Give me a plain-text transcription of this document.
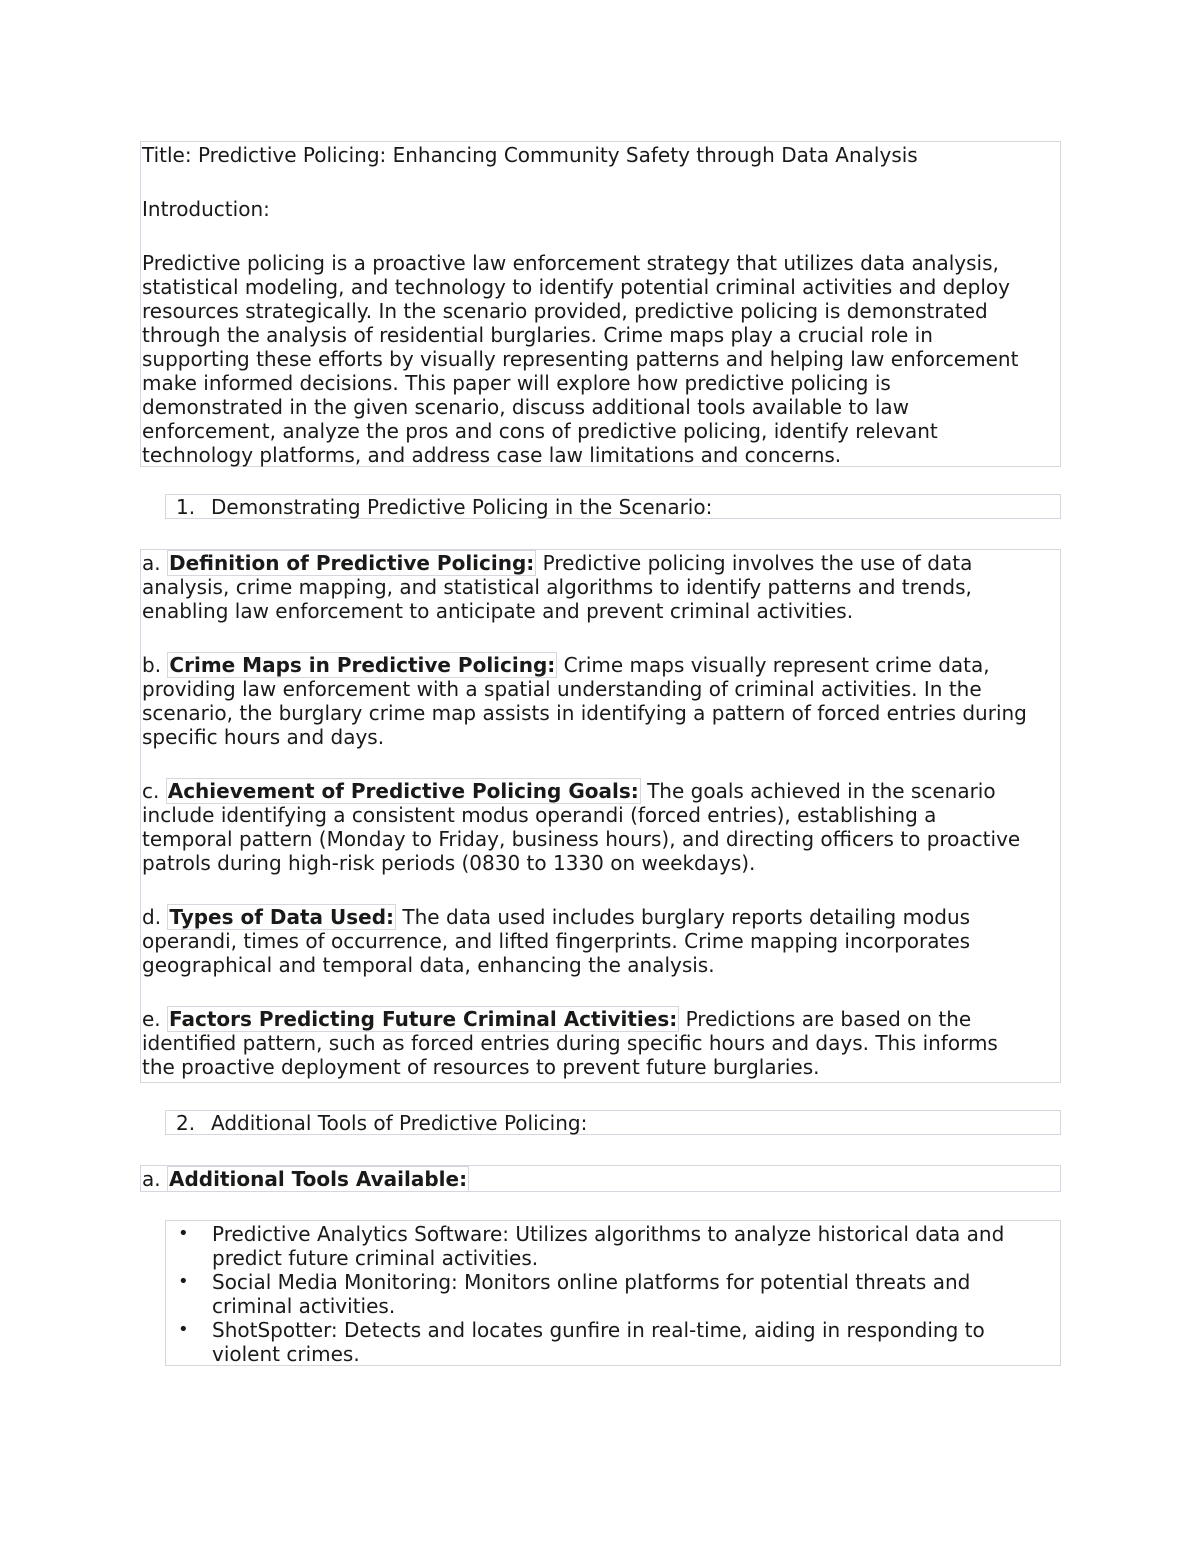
Title: Predictive Policing: Enhancing Community Safety through Data Analysis

Introduction:

Predictive policing is a proactive law enforcement strategy that utilizes data analysis,
statistical modeling, and technology to identify potential criminal activities and deploy
resources strategically. In the scenario provided, predictive policing is demonstrated
through the analysis of residential burglaries. Crime maps play a crucial role in
supporting these efforts by visually representing patterns and helping law enforcement
make informed decisions. This paper will explore how predictive policing is
demonstrated in the given scenario, discuss additional tools available to law
enforcement, analyze the pros and cons of predictive policing, identify relevant
technology platforms, and address case law limitations and concerns.
1. Demonstrating Predictive Policing in the Scenario:
a. Definition of Predictive Policing: Predictive policing involves the use of data
analysis, crime mapping, and statistical algorithms to identify patterns and trends,
enabling law enforcement to anticipate and prevent criminal activities.
b. Crime Maps in Predictive Policing: Crime maps visually represent crime data,
providing law enforcement with a spatial understanding of criminal activities. In the
scenario, the burglary crime map assists in identifying a pattern of forced entries during
specific hours and days.
c. Achievement of Predictive Policing Goals: The goals achieved in the scenario
include identifying a consistent modus operandi (forced entries), establishing a
temporal pattern (Monday to Friday, business hours), and directing officers to proactive
patrols during high-risk periods (0830 to 1330 on weekdays).
d. Types of Data Used: The data used includes burglary reports detailing modus
operandi, times of occurrence, and lifted fingerprints. Crime mapping incorporates
geographical and temporal data, enhancing the analysis.
e. Factors Predicting Future Criminal Activities: Predictions are based on the
identified pattern, such as forced entries during specific hours and days. This informs
the proactive deployment of resources to prevent future burglaries.
2. Additional Tools of Predictive Policing:
a. Additional Tools Available:
• Predictive Analytics Software: Utilizes algorithms to analyze historical data and
predict future criminal activities.
• Social Media Monitoring: Monitors online platforms for potential threats and
criminal activities.
• ShotSpotter: Detects and locates gunfire in real-time, aiding in responding to
violent crimes.
